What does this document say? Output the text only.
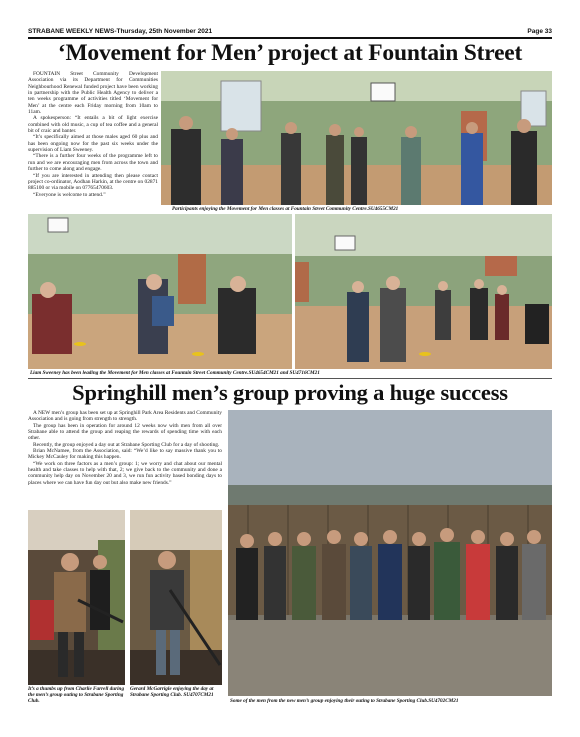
STRABANE WEEKLY NEWS-Thursday, 25th November 2021	Page 33
‘Movement for Men’ project at Fountain Street

FOUNTAIN Street Community Development Association via its Department for Communities Neighbourhood Renewal funded project have been working in partnership with the Public Health Agency to deliver a ten weeks programme of activities titled ‘Movement for Men’ at the centre each Friday morning from 10am to 11am.

A spokesperson: “It entails a bit of light exercise combined with old music, a cup of tea coffee and a general bit of craic and banter.

“It’s specifically aimed at those males aged 60 plus and has been ongoing now for the past six weeks under the supervision of Liam Sweeney.

“There is a further four weeks of the programme left to run and we are encouraging men from across the town and further to come along and engage.

“If you are interested in attending then please contact project co-ordinator, Aodhan Harkin, at the centre on 02871 885100 or via mobile on 07765470603.

“Everyone is welcome to attend.”

Participants enjoying the Movement for Men classes at Fountain Street Community Centre.SU4655CM21
Liam Sweeney has been leading the Movement for Men classes at Fountain Street Community Centre.SU4654CM21 and SU4716CM21
Springhill men’s group proving a huge success

A NEW men’s group has been set up at Springhill Park Area Residents and Community Association and is going from strength to strength.

The group has been in operation for around 12 weeks now with men from all over Strabane able to attend the group and reaping the rewards of spending time with each other.

Recently, the group enjoyed a day out at Strabane Sporting Club for a day of shooting.

Brian McNamee, from the Association, said: “We’d like to say massive thank you to Mickey McCauley for making this happen.

“We work on three factors as a men’s group: 1; we worry and chat about our mental health and take classes to help with that, 2; we give back to the community and done a community help day on November 20 and 3, we run fun activity based bonding days to places where we can have fun day out but also make new friends.”

It’s a thumbs up from Charlie Farrell during the men’s group outing to Strabane Sporting Club.
Gerard McGarrigle enjoying the day at Strabane Sporting Club. SU4707CM21
Some of the men from the new men’s group enjoying their outing to Strabane Sporting Club.SU4702CM21
